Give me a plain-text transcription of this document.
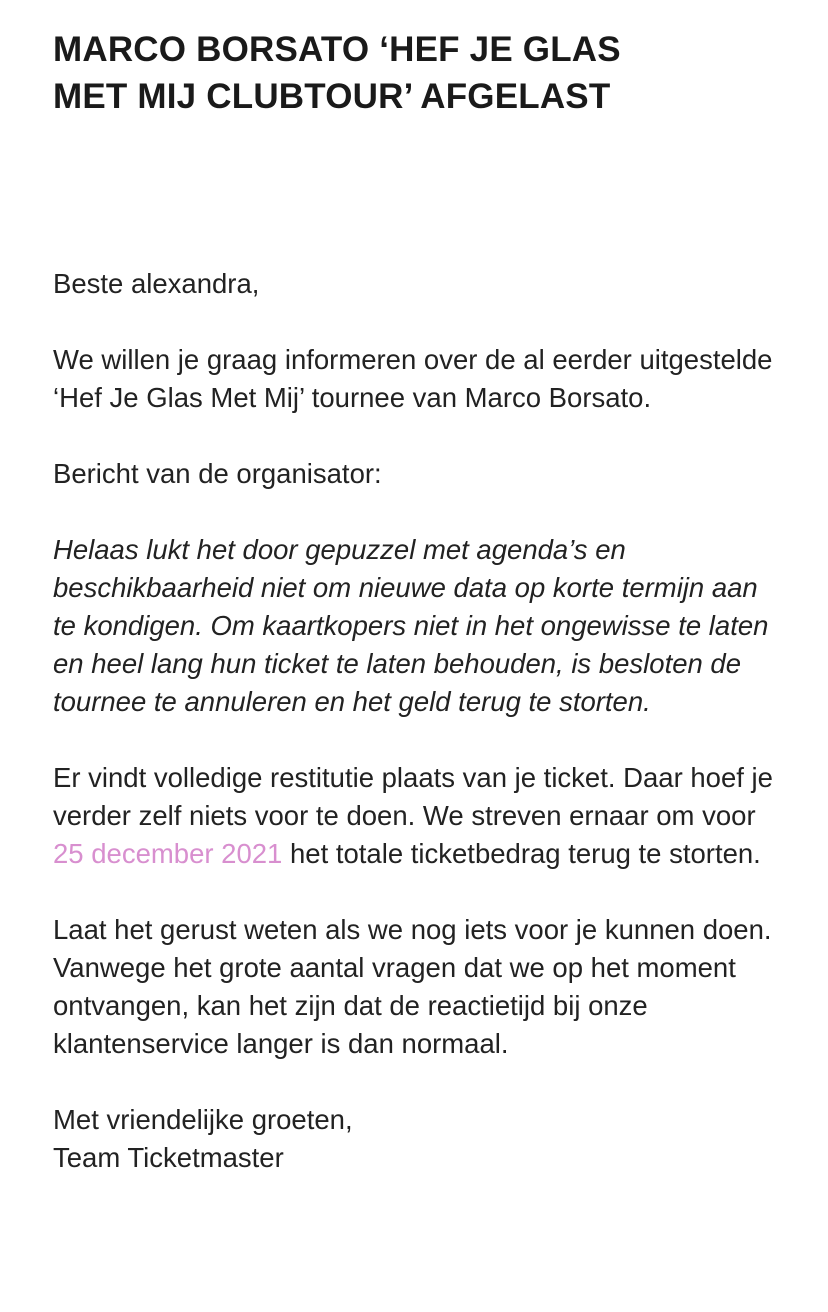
MARCO BORSATO ‘HEF JE GLAS
MET MIJ CLUBTOUR’ AFGELAST

Beste alexandra,

We willen je graag informeren over de al eerder uitgestelde ‘Hef Je Glas Met Mij’ tournee van Marco Borsato.

Bericht van de organisator:

Helaas lukt het door gepuzzel met agenda’s en beschikbaarheid niet om nieuwe data op korte termijn aan te kondigen. Om kaartkopers niet in het ongewisse te laten en heel lang hun ticket te laten behouden, is besloten de tournee te annuleren en het geld terug te storten.

Er vindt volledige restitutie plaats van je ticket. Daar hoef je verder zelf niets voor te doen. We streven ernaar om voor 25 december 2021 het totale ticketbedrag terug te storten.

Laat het gerust weten als we nog iets voor je kunnen doen. Vanwege het grote aantal vragen dat we op het moment ontvangen, kan het zijn dat de reactietijd bij onze klantenservice langer is dan normaal.

Met vriendelijke groeten,
Team Ticketmaster
